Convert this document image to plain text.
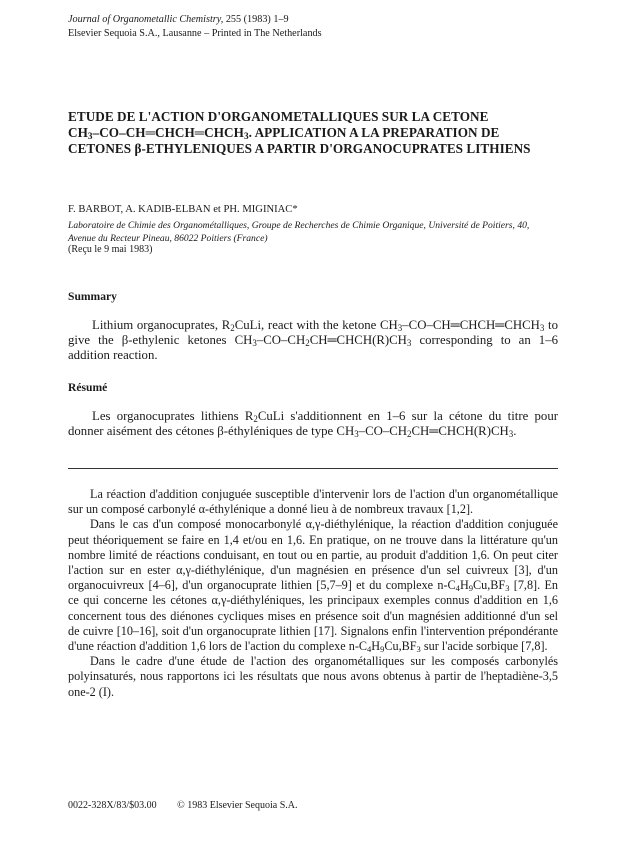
Journal of Organometallic Chemistry, 255 (1983) 1–9
Elsevier Sequoia S.A., Lausanne – Printed in The Netherlands
ETUDE DE L'ACTION D'ORGANOMETALLIQUES SUR LA CETONE
$CH_3-CO-CH═CHCH═CHCH_3$. APPLICATION A LA PREPARATION DE
CETONES β-ETHYLENIQUES A PARTIR D'ORGANOCUPRATES LITHIENS
F. BARBOT, A. KADIB-ELBAN et PH. MIGINIAC*
Laboratoire de Chimie des Organométalliques, Groupe de Recherches de Chimie Organique, Université de Poitiers, 40, Avenue du Recteur Pineau, 86022 Poitiers (France)
(Reçu le 9 mai 1983)
Summary
Lithium organocuprates, $R_2CuLi$, react with the ketone $CH_3-CO-CH═CHCH═CHCH_3$ to give the β-ethylenic ketones $CH_3-CO-CH_2CH═CHCH(R)CH_3$ corresponding to an 1–6 addition reaction.
Résumé
Les organocuprates lithiens $R_2CuLi$ s'additionnent en 1–6 sur la cétone du titre pour donner aisément des cétones β-éthyléniques de type $CH_3-CO-CH_2CH═CHCH(R)CH_3$.

La réaction d'addition conjuguée susceptible d'intervenir lors de l'action d'un organométallique sur un composé carbonylé α-éthylénique a donné lieu à de nombreux travaux [1,2].

Dans le cas d'un composé monocarbonylé α,γ-diéthylénique, la réaction d'addition conjuguée peut théoriquement se faire en 1,4 et/ou en 1,6. En pratique, on ne trouve dans la littérature qu'un nombre limité de réactions conduisant, en tout ou en partie, au produit d'addition 1,6. On peut citer l'action sur en ester α,γ-diéthylénique, d'un magnésien en présence d'un sel cuivreux [3], d'un organocuivreux [4–6], d'un organocuprate lithien [5,7–9] et du complexe $n-C_4H_9Cu,BF_3$ [7,8]. En ce qui concerne les cétones α,γ-diéthyléniques, les principaux exemples connus d'addition en 1,6 concernent tous des diénones cycliques mises en présence soit d'un magnésien additionné d'un sel de cuivre [10–16], soit d'un organocuprate lithien [17]. Signalons enfin l'intervention prépondérante d'une réaction d'addition 1,6 lors de l'action du complexe $n-C_4H_9Cu,BF_3$ sur l'acide sorbique [7,8].

Dans le cadre d'une étude de l'action des organométalliques sur les composés carbonylés polyinsaturés, nous rapportons ici les résultats que nous avons obtenus à partir de l'heptadiène-3,5 one-2 (I).

0022-328X/83/$03.00 © 1983 Elsevier Sequoia S.A.
